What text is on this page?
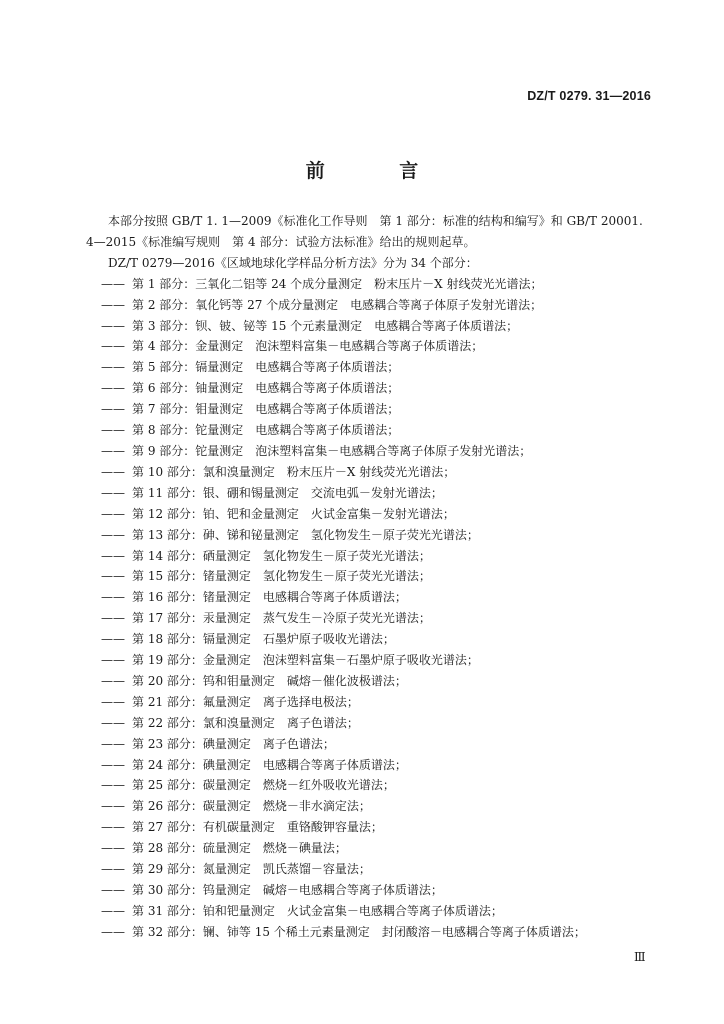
DZ/T 0279. 31—2016
前 言
本部分按照 GB/T 1. 1—2009《标准化工作导则　第 1 部分：标准的结构和编写》和 GB/T 20001. 4—2015《标准编写规则　第 4 部分：试验方法标准》给出的规则起草。
DZ/T 0279—2016《区域地球化学样品分析方法》分为 34 个部分：
—— 第 1 部分：三氧化二铝等 24 个成分量测定 粉末压片－X 射线荧光光谱法；
—— 第 2 部分：氧化钙等 27 个成分量测定 电感耦合等离子体原子发射光谱法；
—— 第 3 部分：钡、铍、铋等 15 个元素量测定 电感耦合等离子体质谱法；
—— 第 4 部分：金量测定 泡沫塑料富集－电感耦合等离子体质谱法；
—— 第 5 部分：镉量测定 电感耦合等离子体质谱法；
—— 第 6 部分：铀量测定 电感耦合等离子体质谱法；
—— 第 7 部分：钼量测定 电感耦合等离子体质谱法；
—— 第 8 部分：铊量测定 电感耦合等离子体质谱法；
—— 第 9 部分：铊量测定 泡沫塑料富集－电感耦合等离子体原子发射光谱法；
—— 第 10 部分：氯和溴量测定 粉末压片－X 射线荧光光谱法；
—— 第 11 部分：银、硼和锡量测定 交流电弧－发射光谱法；
—— 第 12 部分：铂、钯和金量测定 火试金富集－发射光谱法；
—— 第 13 部分：砷、锑和铋量测定 氢化物发生－原子荧光光谱法；
—— 第 14 部分：硒量测定 氢化物发生－原子荧光光谱法；
—— 第 15 部分：锗量测定 氢化物发生－原子荧光光谱法；
—— 第 16 部分：锗量测定 电感耦合等离子体质谱法；
—— 第 17 部分：汞量测定 蒸气发生－冷原子荧光光谱法；
—— 第 18 部分：镉量测定 石墨炉原子吸收光谱法；
—— 第 19 部分：金量测定 泡沫塑料富集－石墨炉原子吸收光谱法；
—— 第 20 部分：钨和钼量测定 碱熔－催化波极谱法；
—— 第 21 部分：氟量测定 离子选择电极法；
—— 第 22 部分：氯和溴量测定 离子色谱法；
—— 第 23 部分：碘量测定 离子色谱法；
—— 第 24 部分：碘量测定 电感耦合等离子体质谱法；
—— 第 25 部分：碳量测定 燃烧－红外吸收光谱法；
—— 第 26 部分：碳量测定 燃烧－非水滴定法；
—— 第 27 部分：有机碳量测定 重铬酸钾容量法；
—— 第 28 部分：硫量测定 燃烧－碘量法；
—— 第 29 部分：氮量测定 凯氏蒸馏－容量法；
—— 第 30 部分：钨量测定 碱熔－电感耦合等离子体质谱法；
—— 第 31 部分：铂和钯量测定 火试金富集－电感耦合等离子体质谱法；
—— 第 32 部分：镧、铈等 15 个稀土元素量测定 封闭酸溶－电感耦合等离子体质谱法；
Ⅲ
